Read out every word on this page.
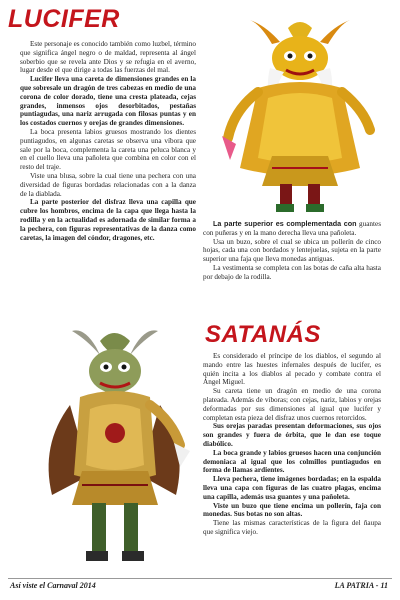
LUCIFER

Este personaje es conocido también como luzbel, término que significa ángel negro o de maldad, representa al ángel soberbio que se revela ante Dios y se refugia en el averno, lugar desde el que dirige a todas las fuerzas del mal.

Lucifer lleva una careta de dimensiones grandes en la que sobresale un dragón de tres cabezas en medio de una corona de color dorado, tiene una cresta plateada, cejas grandes, inmensos ojos desorbitados, pestañas puntiagudas, una nariz arrugada con filosas puntas y en los costados cuernos y orejas de grandes dimensiones.

La boca presenta labios gruesos mostrando los dientes puntiagudos, en algunas caretas se observa una víbora que sale por la boca, complementa la careta una peluca blanca y en el cuello lleva una pañoleta que combina en color con el resto del traje.

Viste una blusa, sobre la cual tiene una pechera con una diversidad de figuras bordadas relacionadas con a la danza de la diablada.

La parte posterior del disfraz lleva una capilla que cubre los hombros, encima de la capa que llega hasta la rodilla y en la actualidad es adornada de similar forma a la pechera, con figuras representativas de la danza como caretas, la imagen del cóndor, dragones, etc.

La parte superior es complementada con guantes con puñeras y en la mano derecha lleva una pañoleta.

Usa un buzo, sobre el cual se ubica un pollerín de cinco hojas, cada una con bordados y lentejuelas, sujeta en la parte superior una faja que lleva monedas antiguas.

La vestimenta se completa con las botas de caña alta hasta por debajo de la rodilla.

SATANÁS

Es considerado el príncipe de los diablos, el segundo al mando entre las huestes infernales después de lucifer, es quién incita a los diablos al pecado y combate contra el Ángel Miguel.

Su careta tiene un dragón en medio de una corona plateada. Además de víboras; con cejas, nariz, labios y orejas deformadas por sus dimensiones al igual que lucifer y completan esta pieza del disfraz unos cuernos retorcidos.

Sus orejas paradas presentan deformaciones, sus ojos son grandes y fuera de órbita, que le dan ese toque diabólico.

La boca grande y labios gruesos hacen una conjunción demoniaca al igual que los colmillos puntiagudos en forma de llamas ardientes.

Lleva pechera, tiene imágenes bordadas; en la espalda lleva una capa con figuras de las cuatro plagas, encima una capilla, además usa guantes y una pañoleta.

Viste un buzo que tiene encima un pollerín, faja con monedas. Sus botas no son altas.

Tiene las mismas características de la figura del ñaupa que significa viejo.

Así viste el Carnaval 2014	LA PATRIA - 11
